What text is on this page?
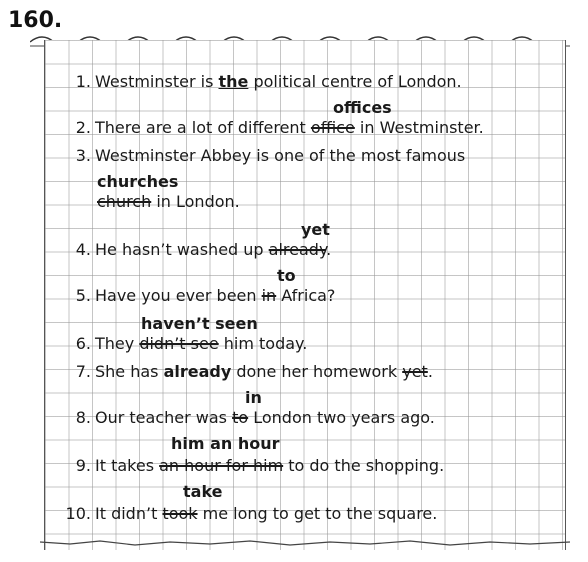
160.
1. Westminster is the political centre of London.
offices
2. There are a lot of different office in Westminster.
3. Westminster Abbey is one of the most famous
churches
church in London.
yet
4. He hasn’t washed up already.
to
5. Have you ever been in Africa?
haven’t seen
6. They didn’t see him today.
7. She has already done her homework yet.
in
8. Our teacher was to London two years ago.
him an hour
9. It takes an hour for him to do the shopping.
take
10. It didn’t took me long to get to the square.
